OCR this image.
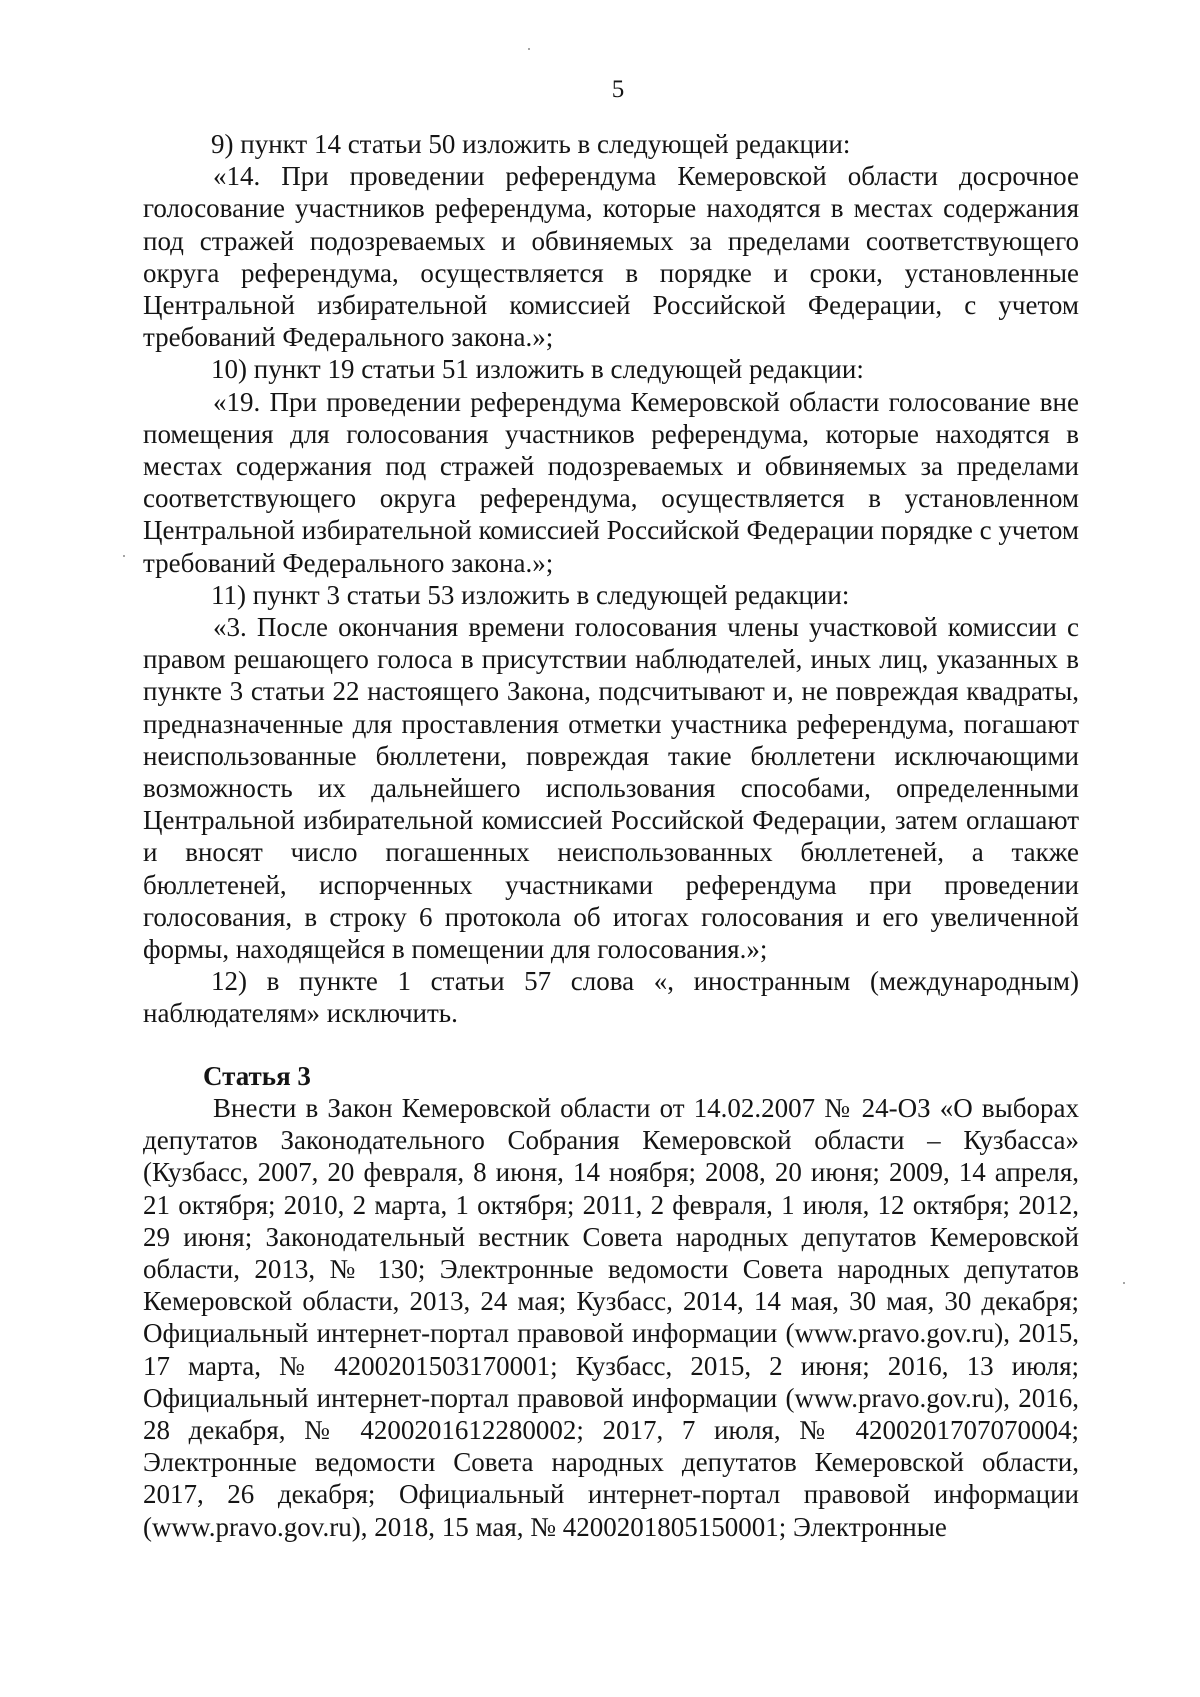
5

9) пункт 14 статьи 50 изложить в следующей редакции:

«14. При проведении референдума Кемеровской области досрочное голосование участников референдума, которые находятся в местах содержания под стражей подозреваемых и обвиняемых за пределами соответствующего округа референдума, осуществляется в порядке и сроки, установленные Центральной избирательной комиссией Российской Федерации, с учетом требований Федерального закона.»;

10) пункт 19 статьи 51 изложить в следующей редакции:

«19. При проведении референдума Кемеровской области голосование вне помещения для голосования участников референдума, которые находятся в местах содержания под стражей подозреваемых и обвиняемых за пределами соответствующего округа референдума, осуществляется в установленном Центральной избирательной комиссией Российской Федерации порядке с учетом требований Федерального закона.»;

11) пункт 3 статьи 53 изложить в следующей редакции:

«3. После окончания времени голосования члены участковой комиссии с правом решающего голоса в присутствии наблюдателей, иных лиц, указанных в пункте 3 статьи 22 настоящего Закона, подсчитывают и, не повреждая квадраты, предназначенные для проставления отметки участника референдума, погашают неиспользованные бюллетени, повреждая такие бюллетени исключающими возможность их дальнейшего использования способами, определенными Центральной избирательной комиссией Российской Федерации, затем оглашают и вносят число погашенных неиспользованных бюллетеней, а также бюллетеней, испорченных участниками референдума при проведении голосования, в строку 6 протокола об итогах голосования и его увеличенной формы, находящейся в помещении для голосования.»;

12) в пункте 1 статьи 57 слова «, иностранным (международным) наблюдателям» исключить.

Статья 3

Внести в Закон Кемеровской области от 14.02.2007 № 24-ОЗ «О выборах депутатов Законодательного Собрания Кемеровской области – Кузбасса» (Кузбасс, 2007, 20 февраля, 8 июня, 14 ноября; 2008, 20 июня; 2009, 14 апреля, 21 октября; 2010, 2 марта, 1 октября; 2011, 2 февраля, 1 июля, 12 октября; 2012, 29 июня; Законодательный вестник Совета народных депутатов Кемеровской области, 2013, № 130; Электронные ведомости Совета народных депутатов Кемеровской области, 2013, 24 мая; Кузбасс, 2014, 14 мая, 30 мая, 30 декабря; Официальный интернет-портал правовой информации (www.pravo.gov.ru), 2015, 17 марта, № 4200201503170001; Кузбасс, 2015, 2 июня; 2016, 13 июля; Официальный интернет-портал правовой информации (www.pravo.gov.ru), 2016, 28 декабря, № 4200201612280002; 2017, 7 июля, № 4200201707070004; Электронные ведомости Совета народных депутатов Кемеровской области, 2017, 26 декабря; Официальный интернет-портал правовой информации (www.pravo.gov.ru), 2018, 15 мая, № 4200201805150001; Электронные
